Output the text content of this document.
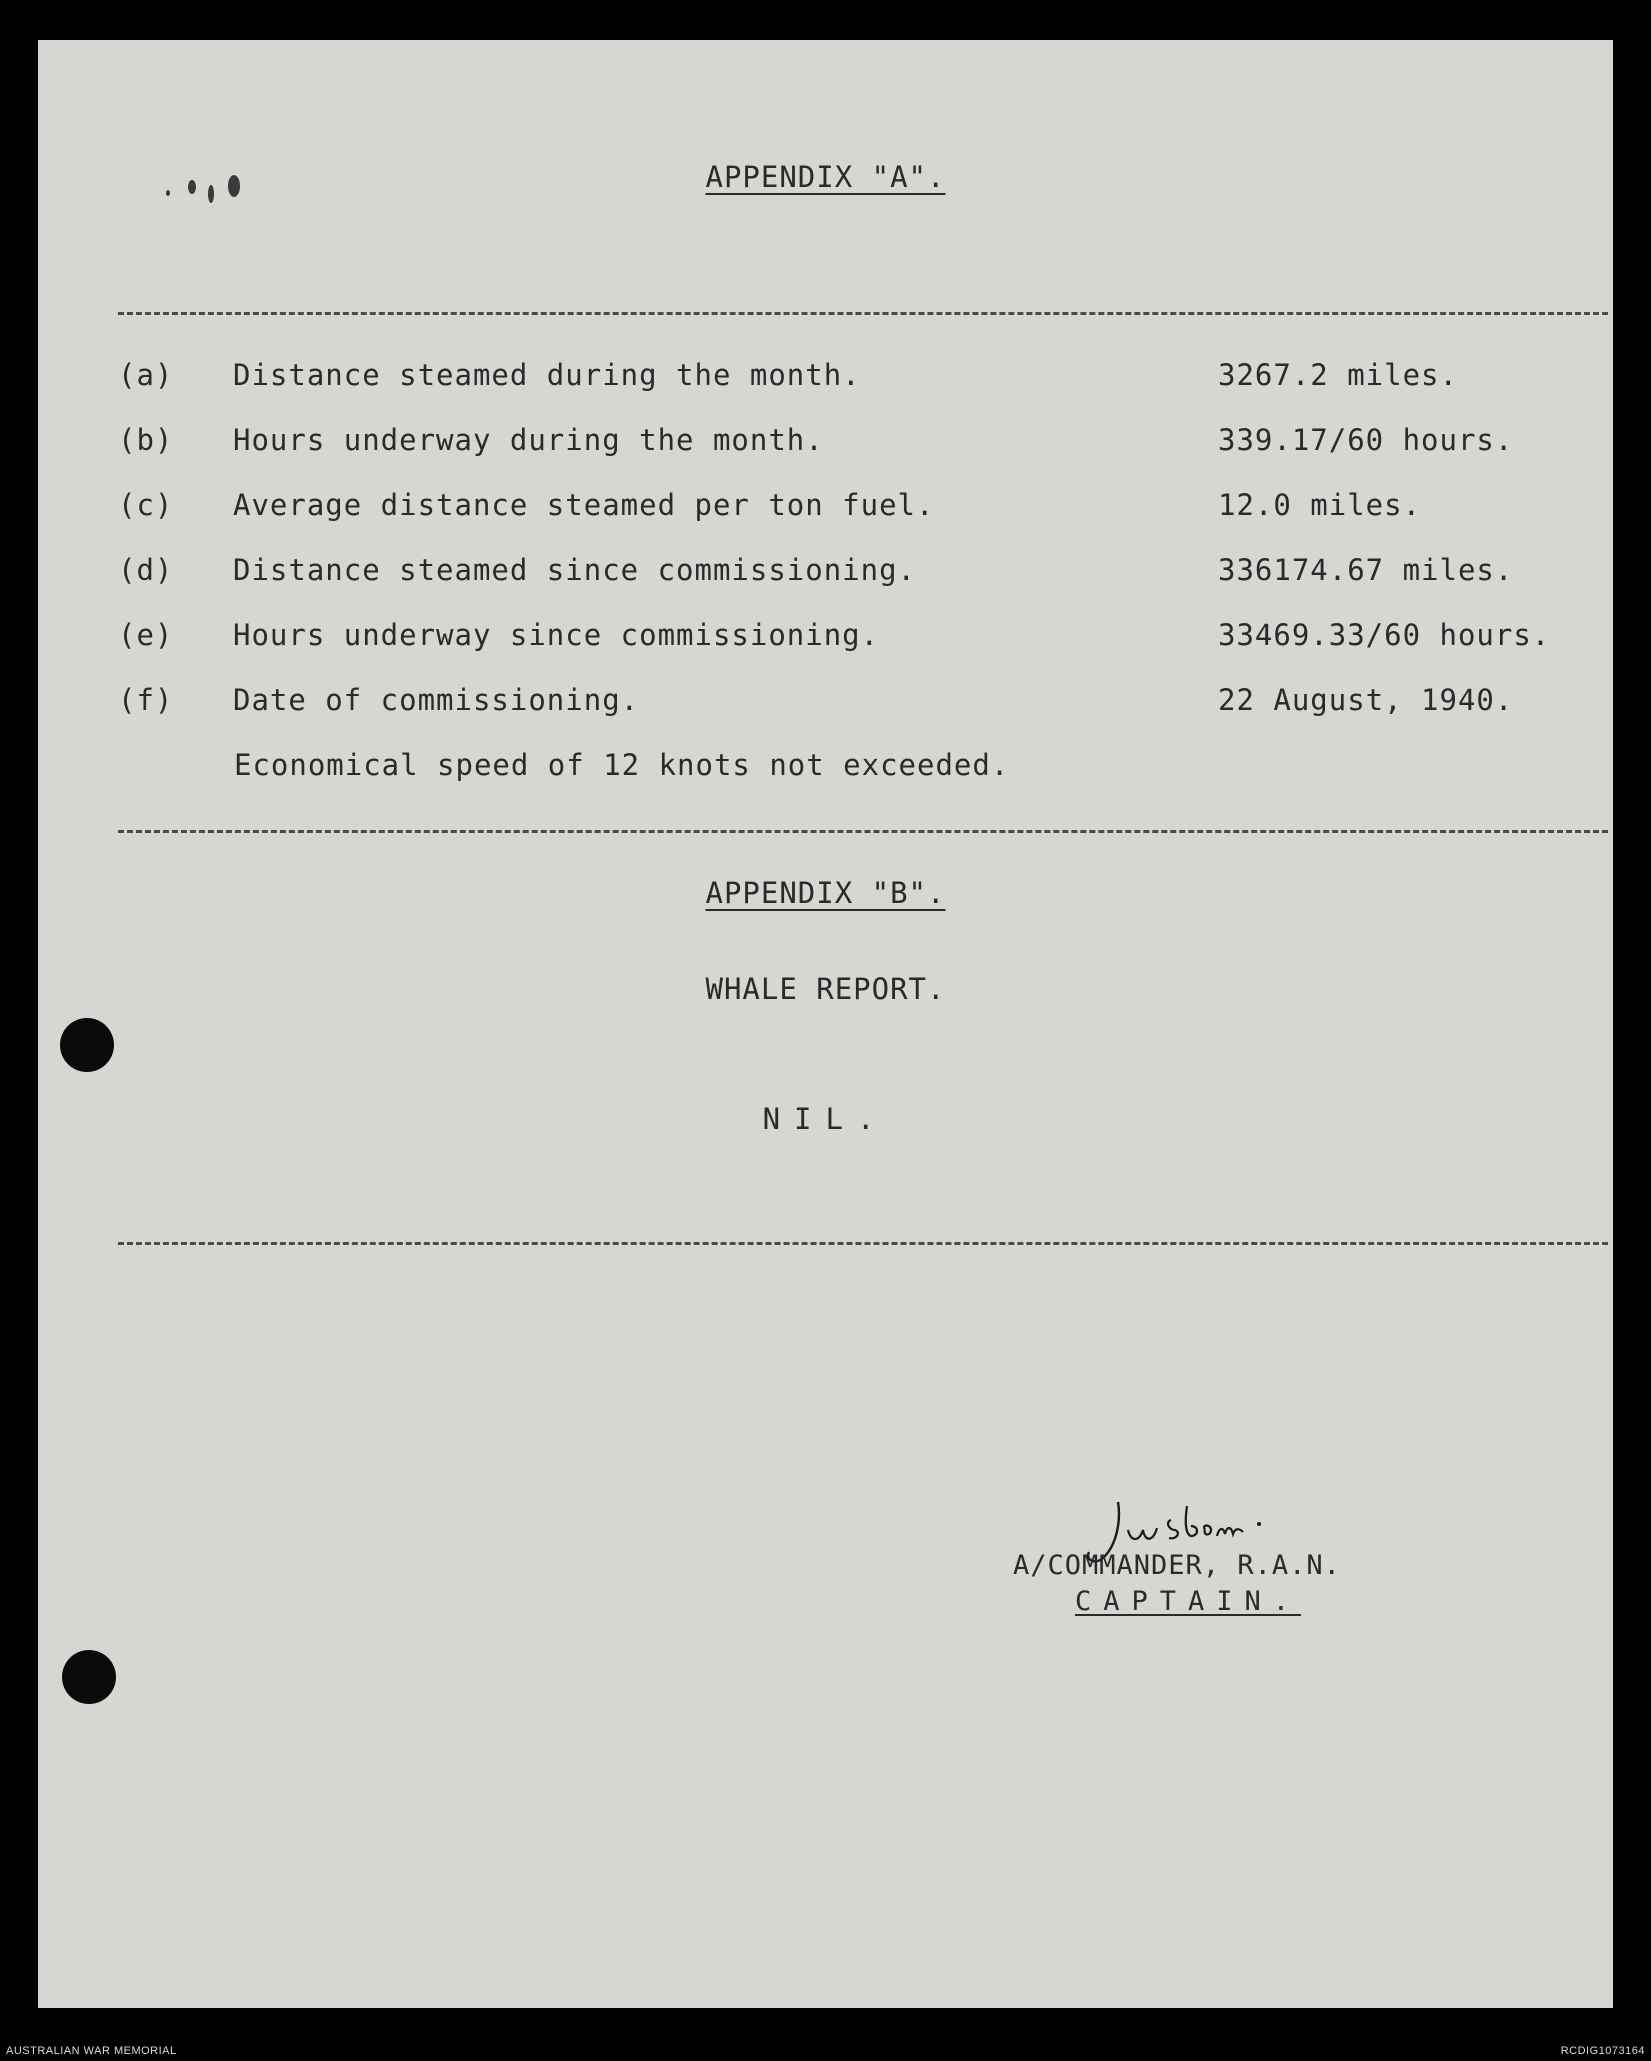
APPENDIX "A".
(a)	Distance steamed during the month.	3267.2 miles.
(b)	Hours underway during the month.	339.17/60 hours.
(c)	Average distance steamed per ton fuel.	12.0 miles.
(d)	Distance steamed since commissioning.	336174.67 miles.
(e)	Hours underway since commissioning.	33469.33/60 hours.
(f)	Date of commissioning.	22 August, 1940.
Economical speed of 12 knots not exceeded.
APPENDIX "B".
WHALE REPORT.
NIL.
A/COMMANDER, R.A.N.
CAPTAIN.
AUSTRALIAN WAR MEMORIAL	RCDIG1073164
